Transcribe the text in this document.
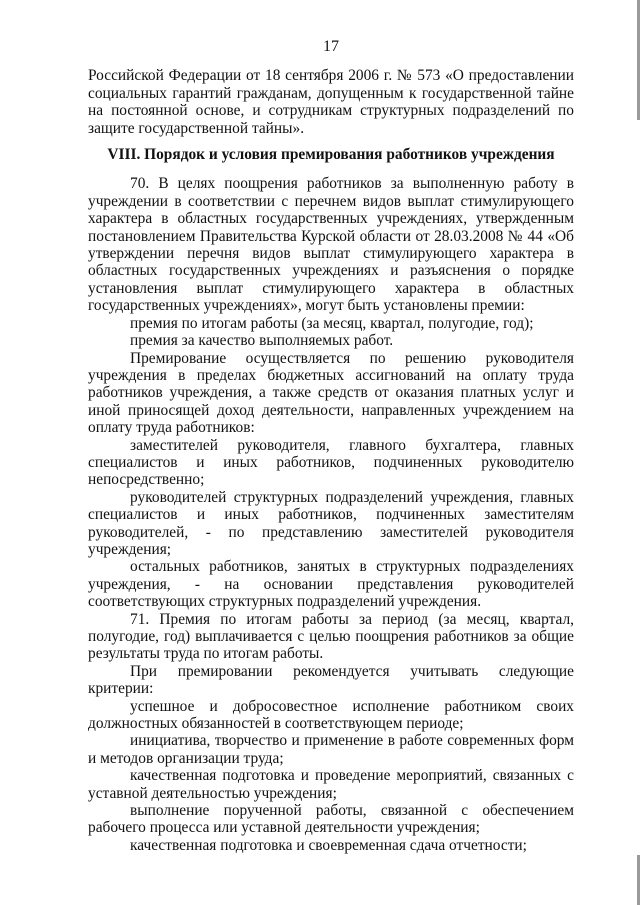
17

Российской Федерации от 18 сентября 2006 г. № 573 «О предоставлении социальных гарантий гражданам, допущенным к государственной тайне на постоянной основе, и сотрудникам структурных подразделений по защите государственной тайны».

VIII. Порядок и условия премирования работников учреждения

70. В целях поощрения работников за выполненную работу в учреждении в соответствии с перечнем видов выплат стимулирующего характера в областных государственных учреждениях, утвержденным постановлением Правительства Курской области от 28.03.2008 № 44 «Об утверждении перечня видов выплат стимулирующего характера в областных государственных учреждениях и разъяснения о порядке установления выплат стимулирующего характера в областных государственных учреждениях», могут быть установлены премии:

премия по итогам работы (за месяц, квартал, полугодие, год);

премия за качество выполняемых работ.

Премирование осуществляется по решению руководителя учреждения в пределах бюджетных ассигнований на оплату труда работников учреждения, а также средств от оказания платных услуг и иной приносящей доход деятельности, направленных учреждением на оплату труда работников:

заместителей руководителя, главного бухгалтера, главных специалистов и иных работников, подчиненных руководителю непосредственно;

руководителей структурных подразделений учреждения, главных специалистов и иных работников, подчиненных заместителям руководителей, - по представлению заместителей руководителя учреждения;

остальных работников, занятых в структурных подразделениях учреждения, - на основании представления руководителей соответствующих структурных подразделений учреждения.

71. Премия по итогам работы за период (за месяц, квартал, полугодие, год) выплачивается с целью поощрения работников за общие результаты труда по итогам работы.

При премировании рекомендуется учитывать следующие критерии:

успешное и добросовестное исполнение работником своих должностных обязанностей в соответствующем периоде;

инициатива, творчество и применение в работе современных форм и методов организации труда;

качественная подготовка и проведение мероприятий, связанных с уставной деятельностью учреждения;

выполнение порученной работы, связанной с обеспечением рабочего процесса или уставной деятельности учреждения;

качественная подготовка и своевременная сдача отчетности;
